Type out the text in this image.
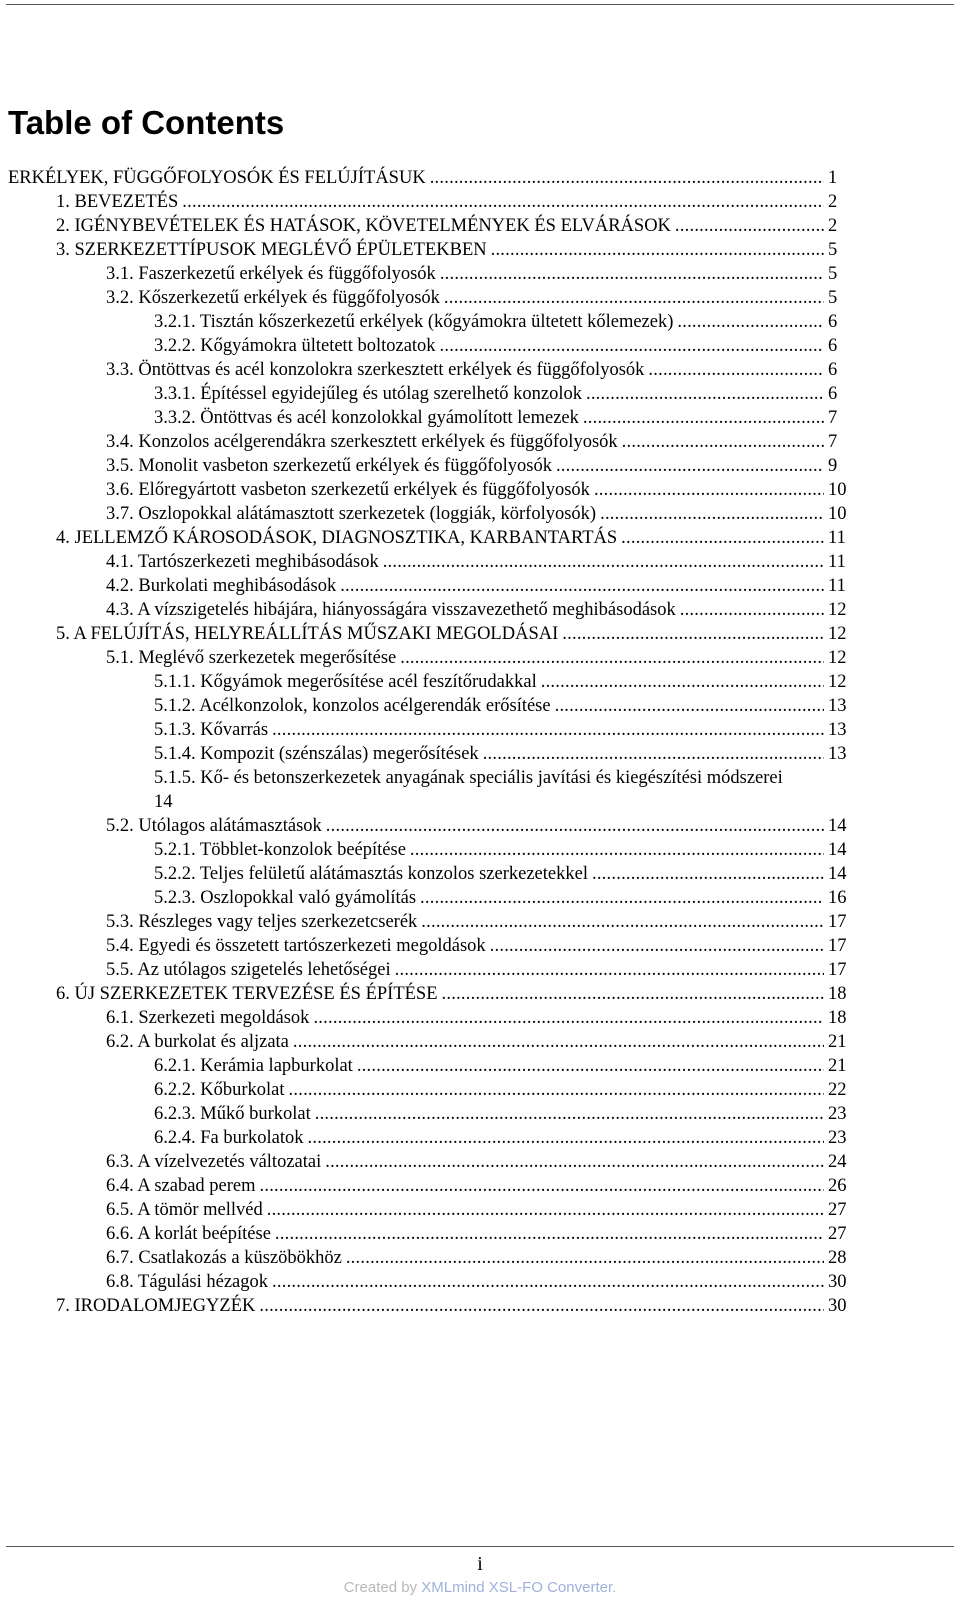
Table of Contents
ERKÉLYEK, FÜGGŐFOLYOSÓK ÉS FELÚJÍTÁSUK . . .	1
1. BEVEZETÉS . . .	2
2. IGÉNYBEVÉTELEK ÉS HATÁSOK, KÖVETELMÉNYEK ÉS ELVÁRÁSOK . . .	2
3. SZERKEZETTÍPUSOK MEGLÉVŐ ÉPÜLETEKBEN . . .	5
3.1. Faszerkezetű erkélyek és függőfolyosók . . .	5
3.2. Kőszerkezetű erkélyek és függőfolyosók . . .	5
3.2.1. Tisztán kőszerkezetű erkélyek (kőgyámokra ültetett kőlemezek) . . .	6
3.2.2. Kőgyámokra ültetett boltozatok . . .	6
3.3. Öntöttvas és acél konzolokra szerkesztett erkélyek és függőfolyosók . . .	6
3.3.1. Építéssel egyidejűleg és utólag szerelhető konzolok . . .	6
3.3.2. Öntöttvas és acél konzolokkal gyámolított lemezek . . .	7
3.4. Konzolos acélgerendákra szerkesztett erkélyek és függőfolyosók . . .	7
3.5. Monolit vasbeton szerkezetű erkélyek és függőfolyosók . . .	9
3.6. Előregyártott vasbeton szerkezetű erkélyek és függőfolyosók . . .	10
3.7. Oszlopokkal alátámasztott szerkezetek (loggiák, körfolyosók) . . .	10
4. JELLEMZŐ KÁROSODÁSOK, DIAGNOSZTIKA, KARBANTARTÁS . . .	11
4.1. Tartószerkezeti meghibásodások . . .	11
4.2. Burkolati meghibásodások . . .	11
4.3. A vízszigetelés hibájára, hiányosságára visszavezethető meghibásodások . . .	12
5. A FELÚJÍTÁS, HELYREÁLLÍTÁS MŰSZAKI MEGOLDÁSAI . . .	12
5.1. Meglévő szerkezetek megerősítése . . .	12
5.1.1. Kőgyámok megerősítése acél feszítőrudakkal . . .	12
5.1.2. Acélkonzolok, konzolos acélgerendák erősítése . . .	13
5.1.3. Kővarrás . . .	13
5.1.4. Kompozit (szénszálas) megerősítések . . .	13
5.1.5. Kő- és betonszerkezetek anyagának speciális javítási és kiegészítési módszerei
14
5.2. Utólagos alátámasztások . . .	14
5.2.1. Többlet-konzolok beépítése . . .	14
5.2.2. Teljes felületű alátámasztás konzolos szerkezetekkel . . .	14
5.2.3. Oszlopokkal való gyámolítás . . .	16
5.3. Részleges vagy teljes szerkezetcserék . . .	17
5.4. Egyedi és összetett tartószerkezeti megoldások . . .	17
5.5. Az utólagos szigetelés lehetőségei . . .	17
6. ÚJ SZERKEZETEK TERVEZÉSE ÉS ÉPÍTÉSE . . .	18
6.1. Szerkezeti megoldások . . .	18
6.2. A burkolat és aljzata . . .	21
6.2.1. Kerámia lapburkolat . . .	21
6.2.2. Kőburkolat . . .	22
6.2.3. Műkő burkolat . . .	23
6.2.4. Fa burkolatok . . .	23
6.3. A vízelvezetés változatai . . .	24
6.4. A szabad perem . . .	26
6.5. A tömör mellvéd . . .	27
6.6. A korlát beépítése . . .	27
6.7. Csatlakozás a küszöbökhöz . . .	28
6.8. Tágulási hézagok . . .	30
7. IRODALOMJEGYZÉK . . .	30
i
Created by XMLmind XSL-FO Converter.
